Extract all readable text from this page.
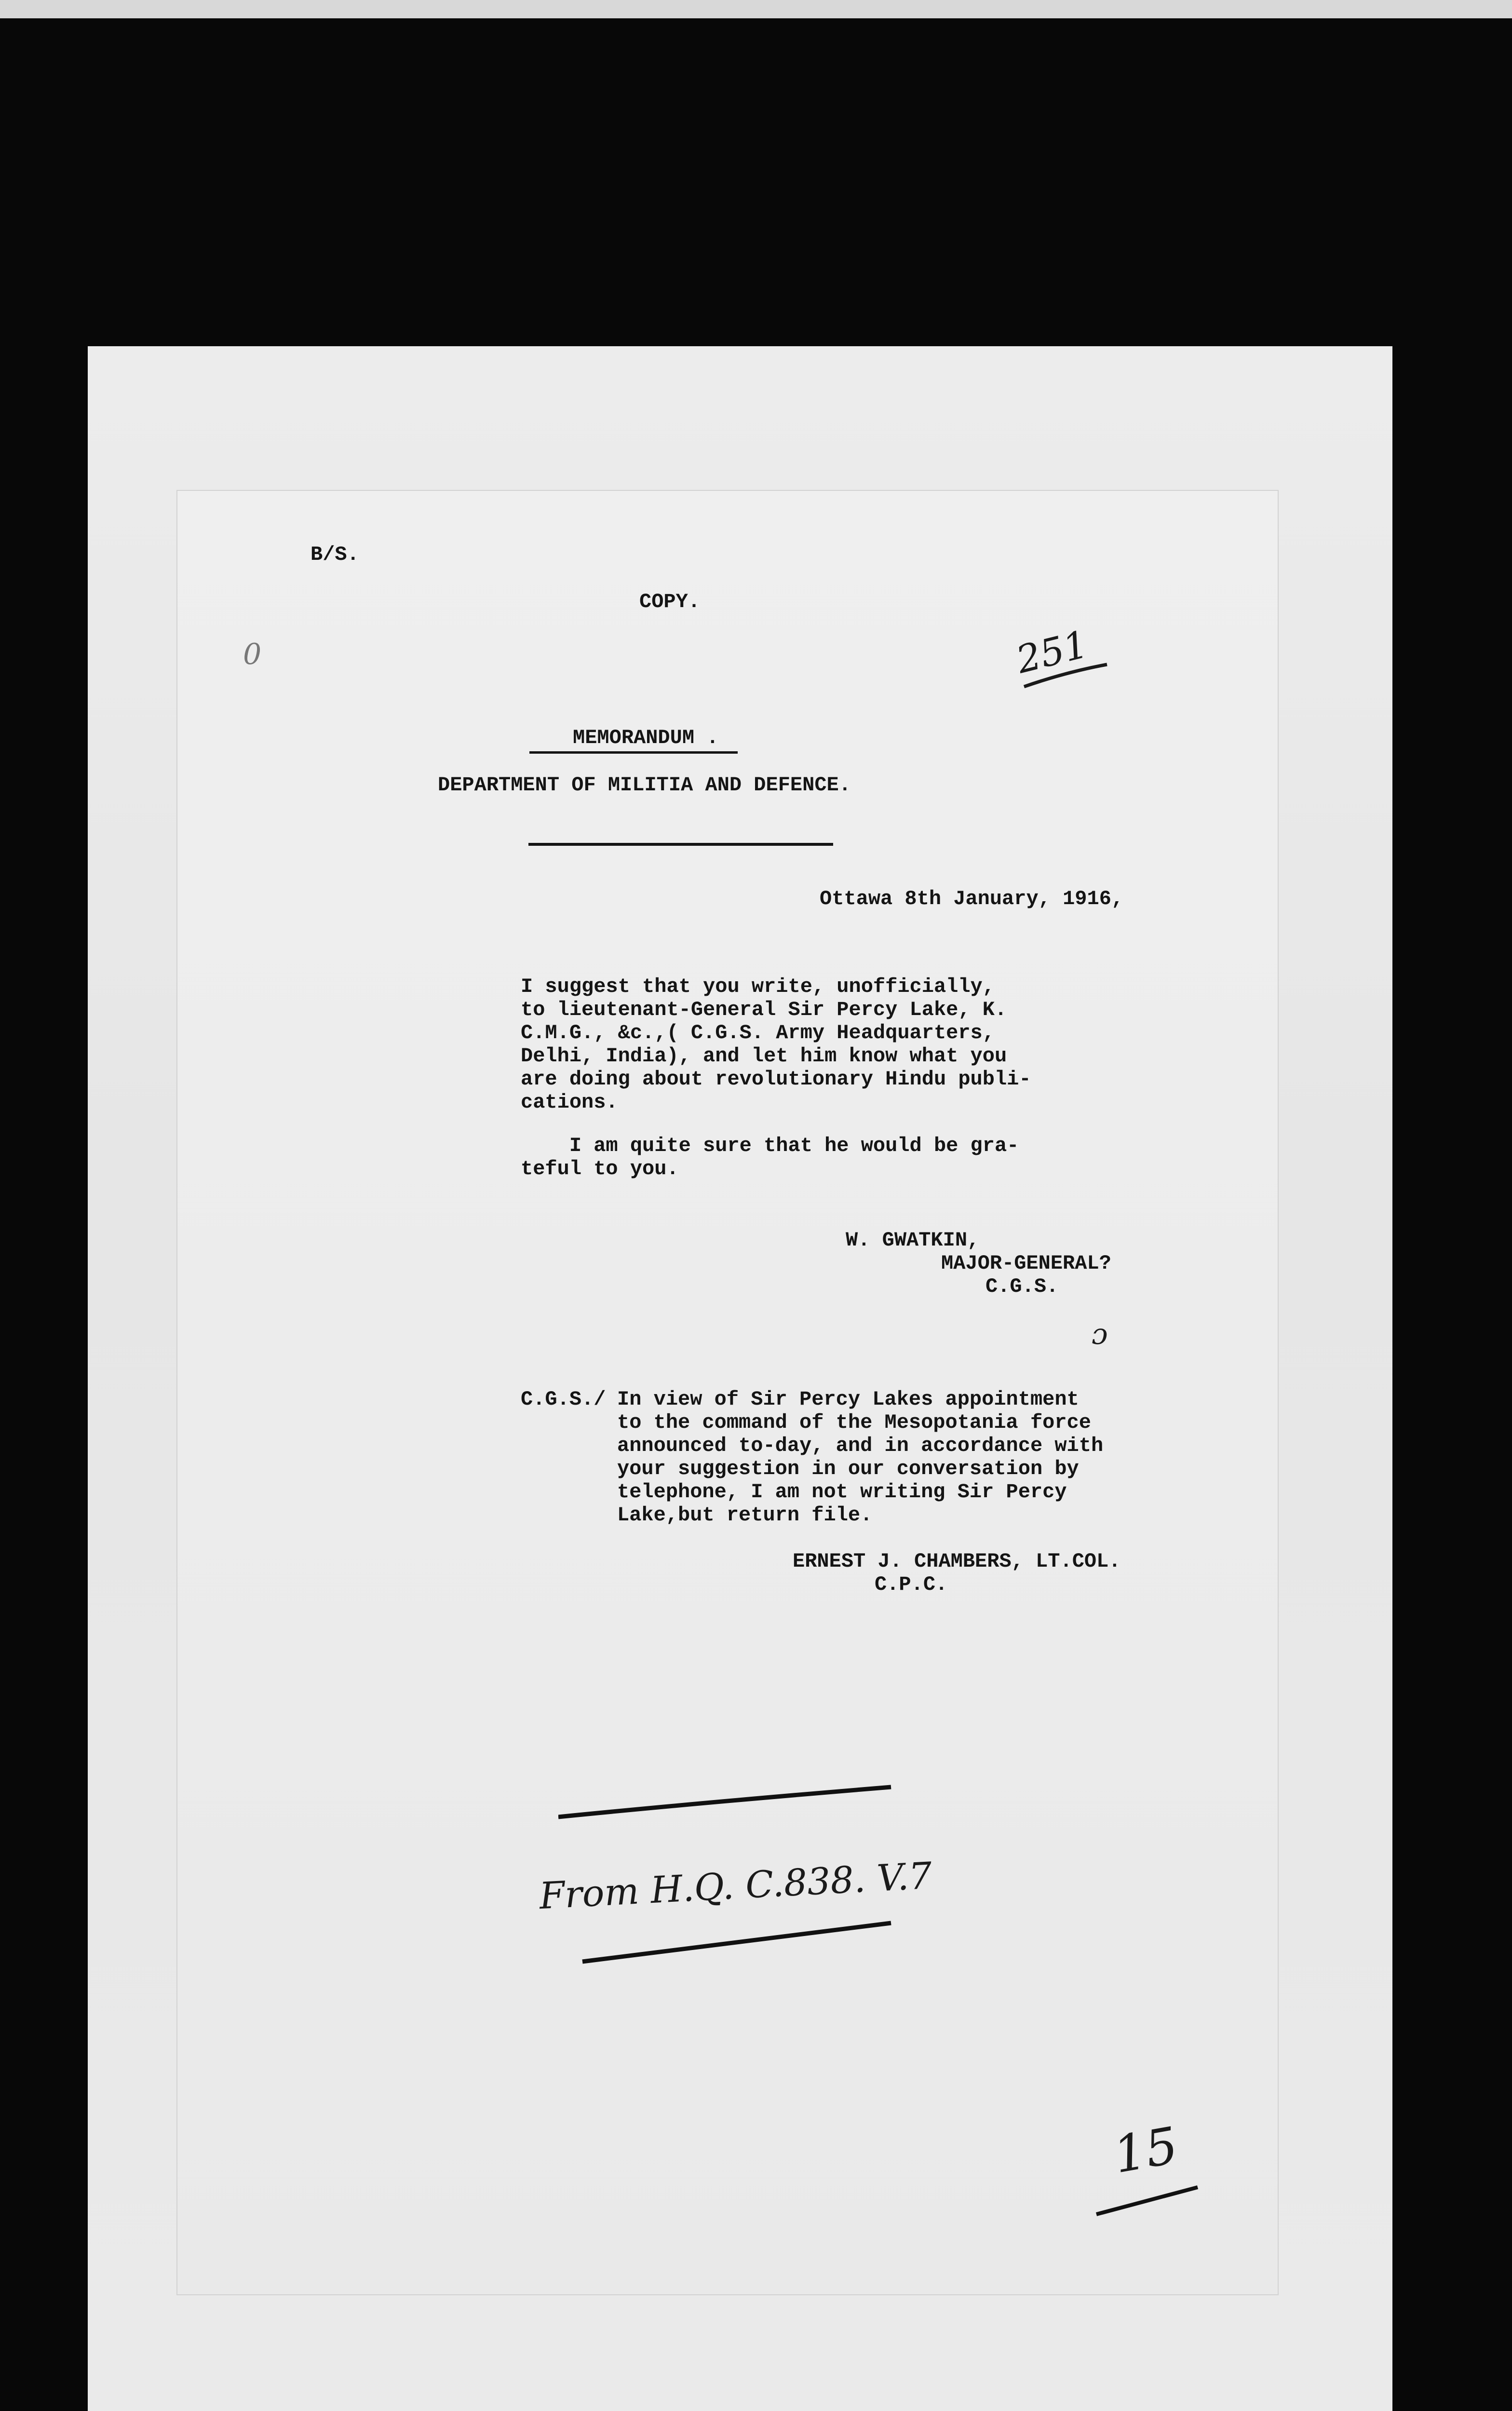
B/S.

COPY.

MEMORANDUM .

DEPARTMENT OF MILITIA AND DEFENCE.

Ottawa 8th January, 1916,

I suggest that you write, unofficially,

to lieutenant-General Sir Percy Lake, K.

C.M.G., &c.,( C.G.S. Army Headquarters,

Delhi, India), and let him know what you

are doing about revolutionary Hindu publi-

cations.

I am quite sure that he would be gra-

teful to you.

W. GWATKIN,

MAJOR-GENERAL?

C.G.S.

C.G.S./ In view of Sir Percy Lakes appointment

to the command of the Mesopotania force

announced to-day, and in accordance with

your suggestion in our conversation by

telephone, I am not writing Sir Percy

Lake,but return file.

ERNEST J. CHAMBERS, LT.COL.

C.P.C.

251
From H.Q. C.838. V.7
15
0
ɔ
